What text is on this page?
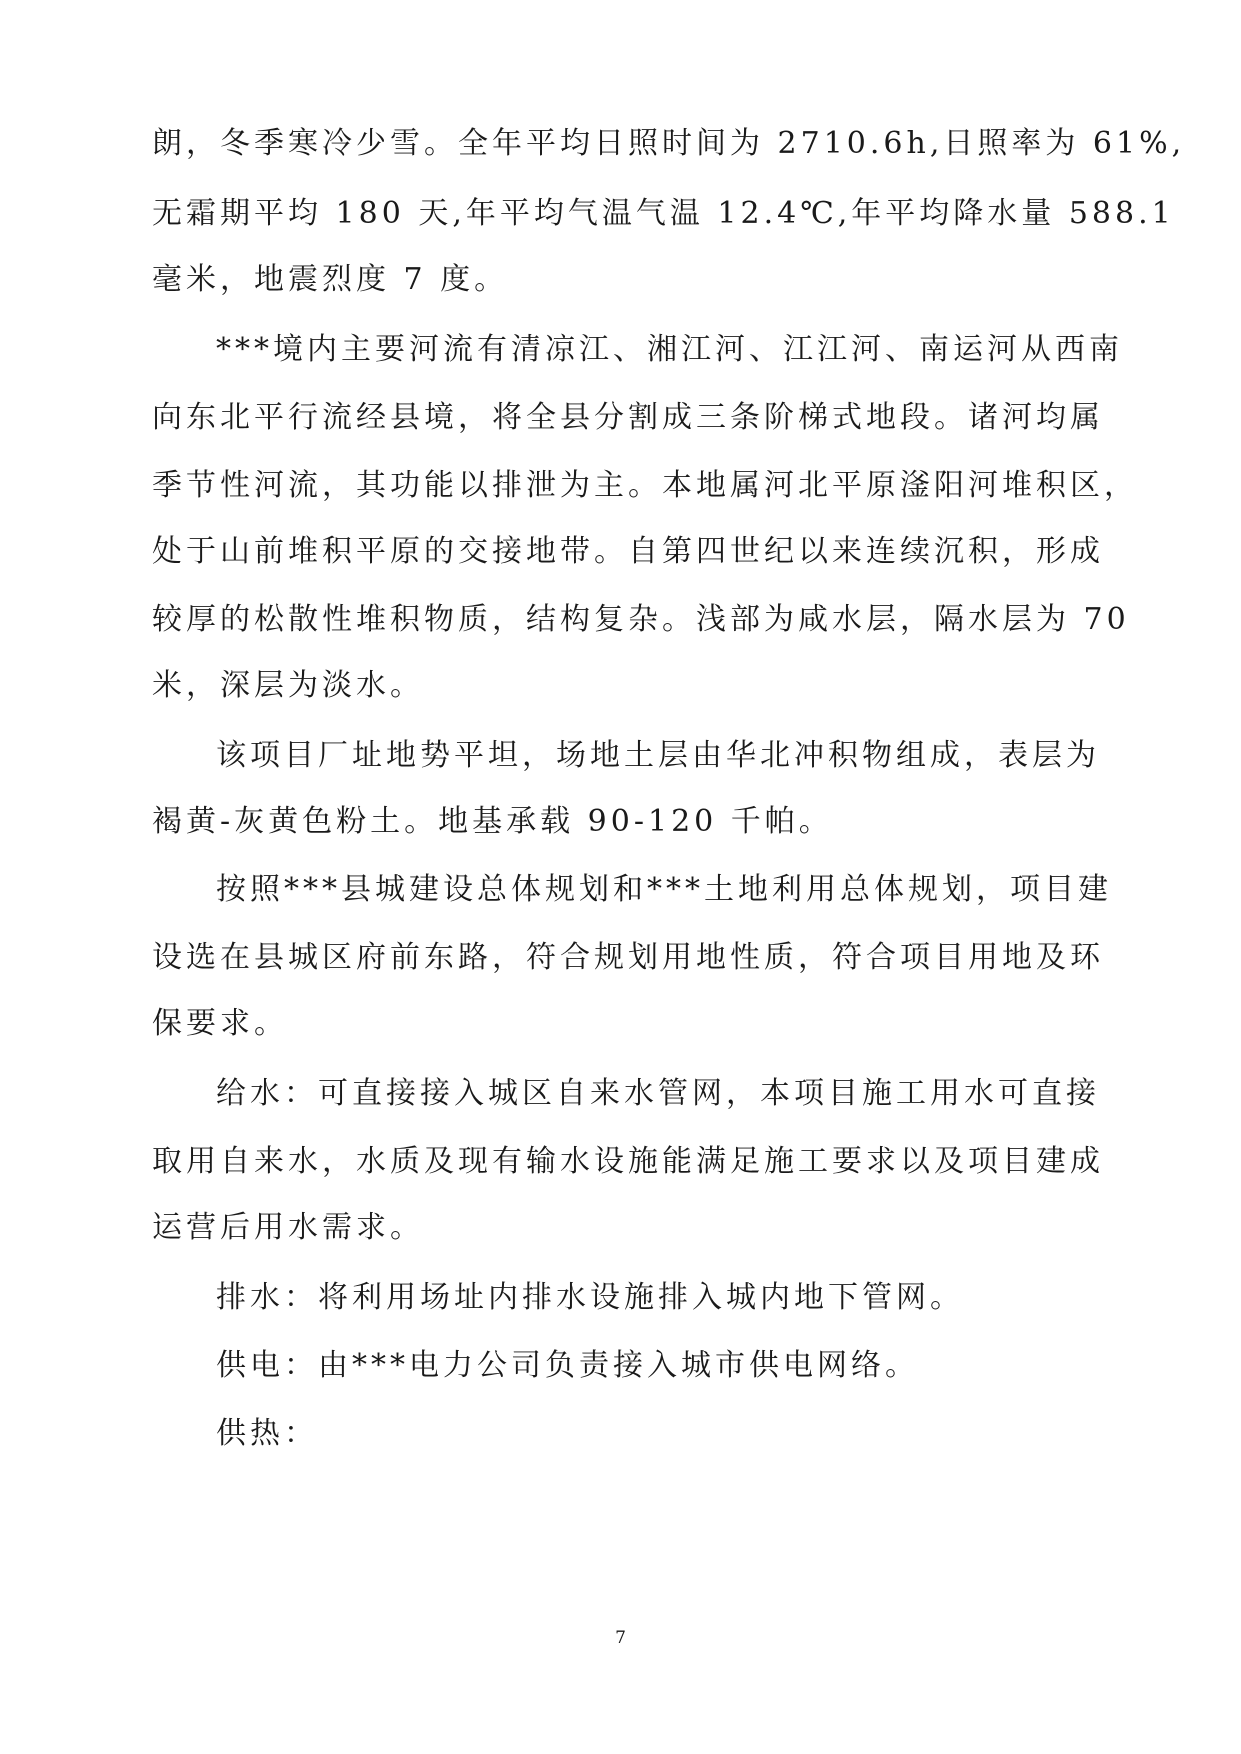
朗，冬季寒冷少雪。全年平均日照时间为 2710.6h,日照率为 61%,
无霜期平均 180 天,年平均气温气温 12.4℃,年平均降水量 588.1
毫米，地震烈度 7 度。
***境内主要河流有清凉江、湘江河、江江河、南运河从西南
向东北平行流经县境，将全县分割成三条阶梯式地段。诸河均属
季节性河流，其功能以排泄为主。本地属河北平原滏阳河堆积区，
处于山前堆积平原的交接地带。自第四世纪以来连续沉积，形成
较厚的松散性堆积物质，结构复杂。浅部为咸水层，隔水层为 70
米，深层为淡水。
该项目厂址地势平坦，场地土层由华北冲积物组成，表层为
褐黄-灰黄色粉土。地基承载 90-120 千帕。
按照***县城建设总体规划和***土地利用总体规划，项目建
设选在县城区府前东路，符合规划用地性质，符合项目用地及环
保要求。
给水：可直接接入城区自来水管网，本项目施工用水可直接
取用自来水，水质及现有输水设施能满足施工要求以及项目建成
运营后用水需求。
排水：将利用场址内排水设施排入城内地下管网。
供电：由***电力公司负责接入城市供电网络。
供热：
7
